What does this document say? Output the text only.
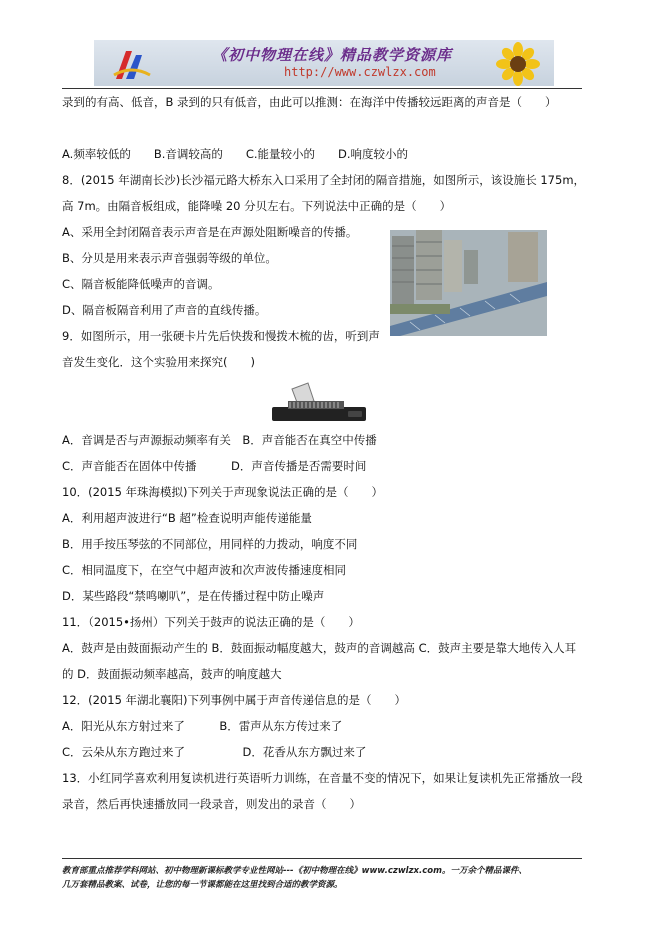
《初中物理在线》精品教学资源库
http://www.czwlzx.com
录到的有高、低音，B 录到的只有低音，由此可以推测：在海洋中传播较远距离的声音是（　　）
A.频率较低的　　B.音调较高的　　C.能量较小的　　D.响度较小的
8．(2015 年湖南长沙)长沙福元路大桥东入口采用了全封闭的隔音措施，如图所示，该设施长 175m，
高 7m。由隔音板组成，能降噪 20 分贝左右。下列说法中正确的是（　　）
A、采用全封闭隔音表示声音是在声源处阻断噪音的传播。
B、分贝是用来表示声音强弱等级的单位。
C、隔音板能降低噪声的音调。
D、隔音板隔音利用了声音的直线传播。
9．如图所示，用一张硬卡片先后快拨和慢拨木梳的齿，听到声
音发生变化．这个实验用来探究(　　)
A．音调是否与声源振动频率有关　B．声音能否在真空中传播
C．声音能否在固体中传播　　　D．声音传播是否需要时间
10．(2015 年珠海模拟)下列关于声现象说法正确的是（　　）
A．利用超声波进行“B 超”检查说明声能传递能量
B．用手按压琴弦的不同部位，用同样的力拨动，响度不同
C．相同温度下，在空气中超声波和次声波传播速度相同
D．某些路段“禁鸣喇叭”，是在传播过程中防止噪声
11．（2015•扬州）下列关于鼓声的说法正确的是（　　）
A．鼓声是由鼓面振动产生的 B．鼓面振动幅度越大，鼓声的音调越高 C．鼓声主要是靠大地传入人耳
的 D．鼓面振动频率越高，鼓声的响度越大
12．(2015 年湖北襄阳)下列事例中属于声音传递信息的是（　　）
A．阳光从东方射过来了　　　B．雷声从东方传过来了
C．云朵从东方跑过来了　　　　　D．花香从东方飘过来了
13．小红同学喜欢利用复读机进行英语听力训练，在音量不变的情况下，如果让复读机先正常播放一段
录音，然后再快速播放同一段录音，则发出的录音（　　）
教育部重点推荐学科网站、初中物理新课标教学专业性网站---《初中物理在线》www.czwlzx.com。一万余个精品课件、
几万套精品教案、试卷，让您的每一节课都能在这里找到合适的教学资源。
